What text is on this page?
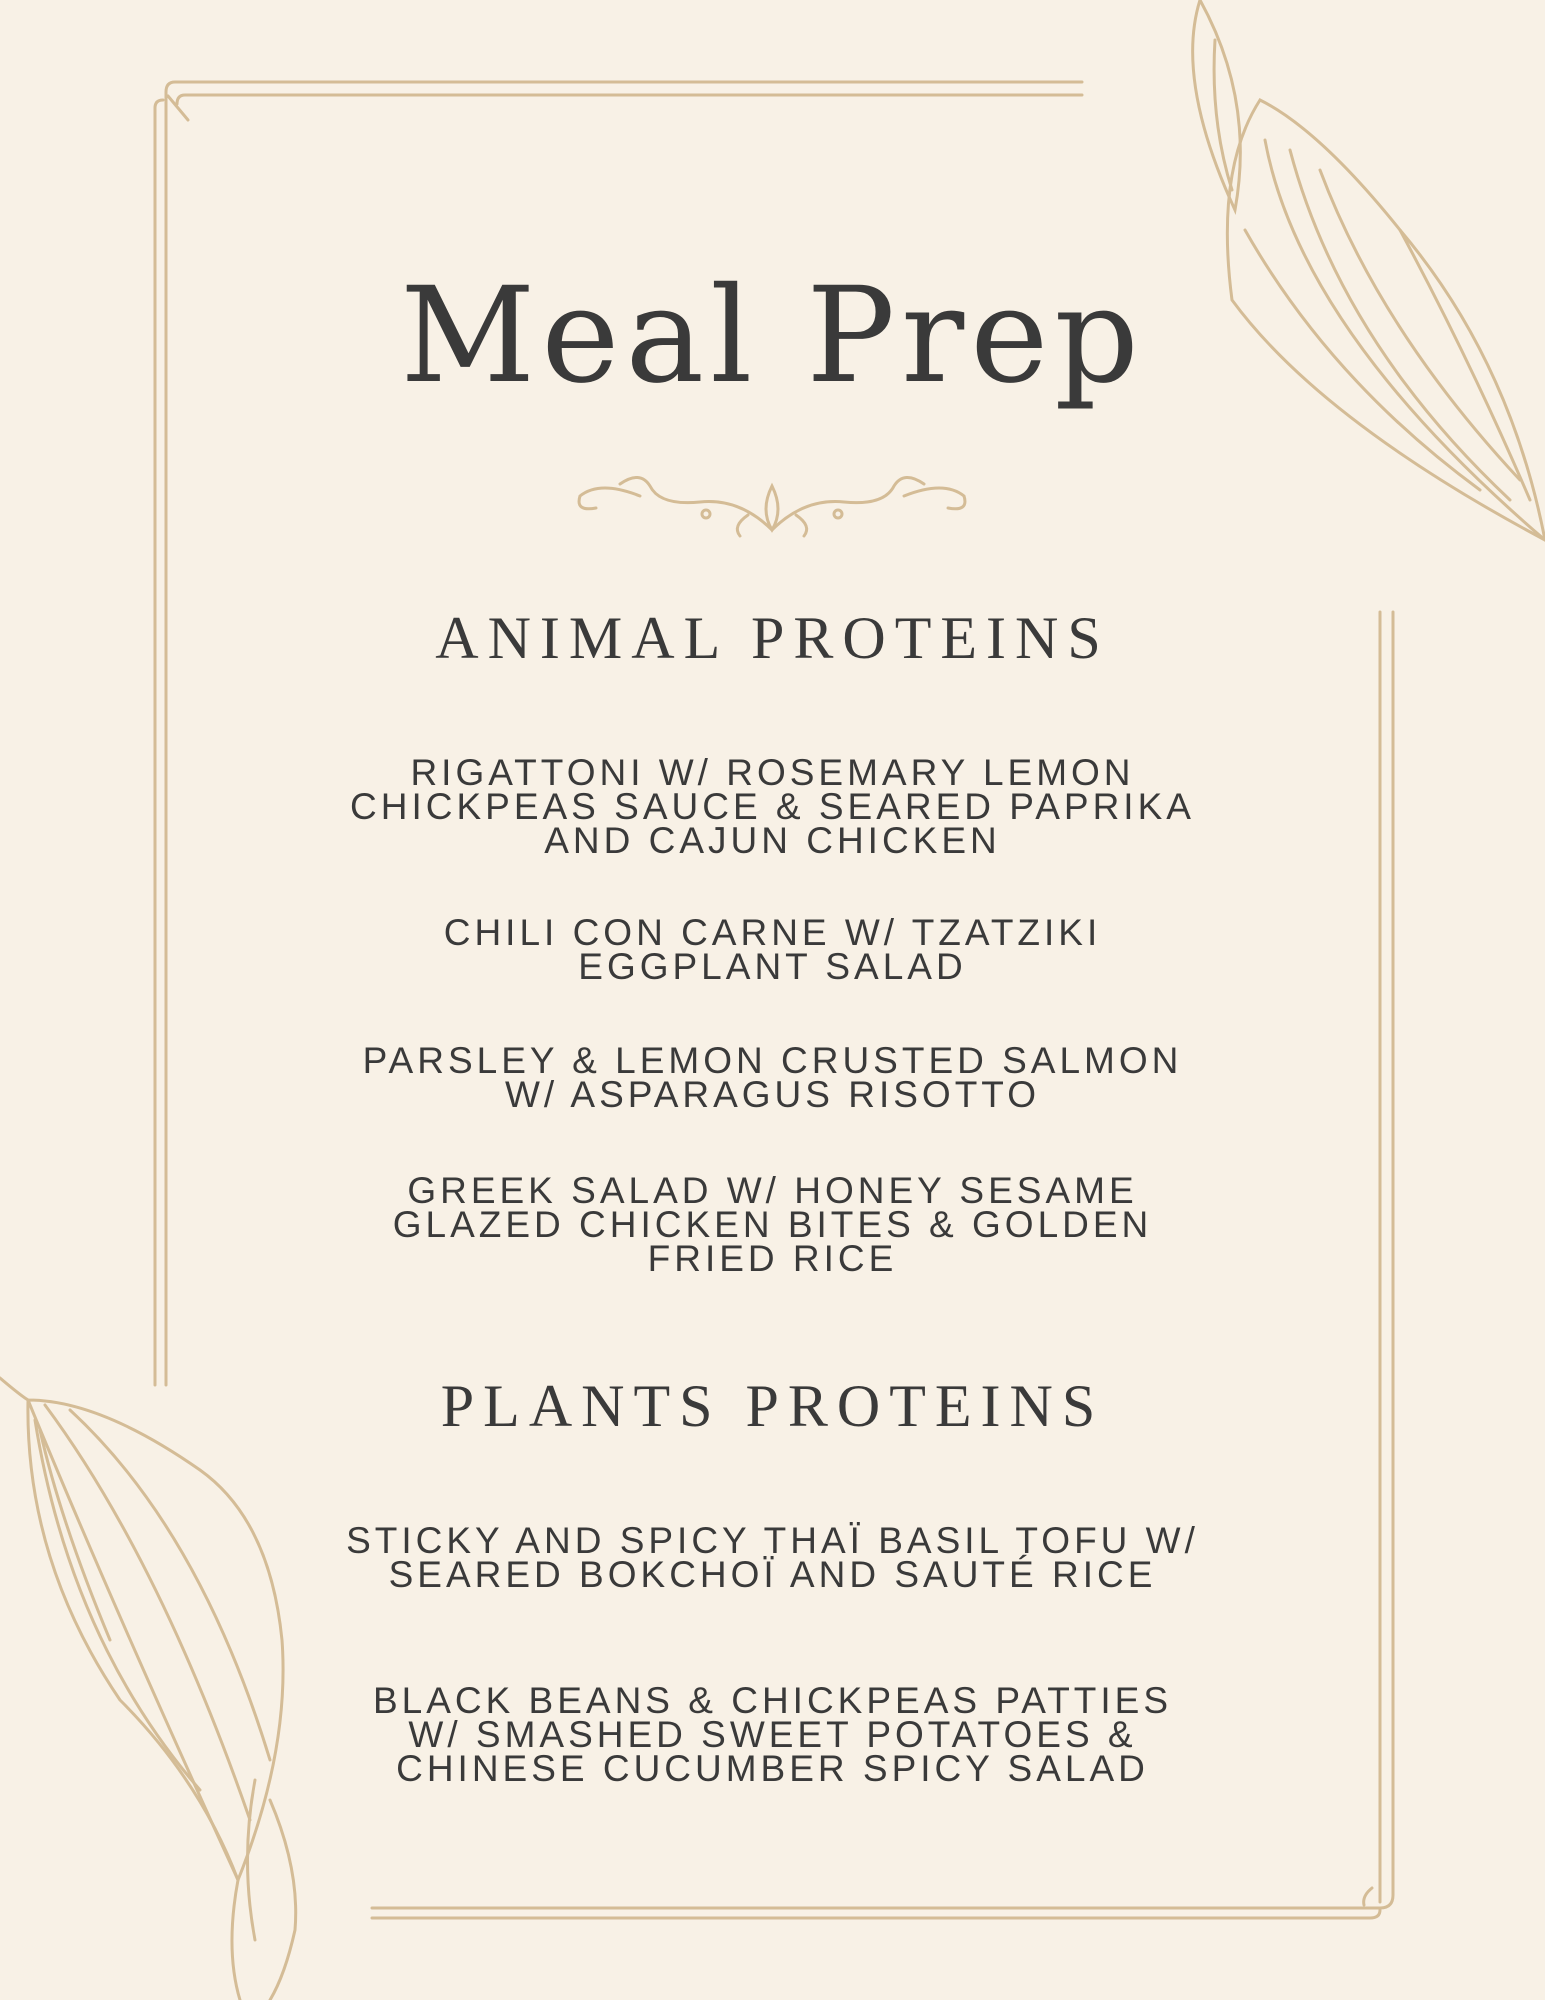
Meal Prep
ANIMAL PROTEINS

RIGATTONI W/ ROSEMARY LEMON
CHICKPEAS SAUCE & SEARED PAPRIKA
AND CAJUN CHICKEN

CHILI CON CARNE W/ TZATZIKI
EGGPLANT SALAD

PARSLEY & LEMON CRUSTED SALMON
W/ ASPARAGUS RISOTTO

GREEK SALAD W/ HONEY SESAME
GLAZED CHICKEN BITES & GOLDEN
FRIED RICE

PLANTS PROTEINS

STICKY AND SPICY THAÏ BASIL TOFU W/
SEARED BOKCHOÏ AND SAUTÉ RICE

BLACK BEANS & CHICKPEAS PATTIES
W/ SMASHED SWEET POTATOES &
CHINESE CUCUMBER SPICY SALAD
